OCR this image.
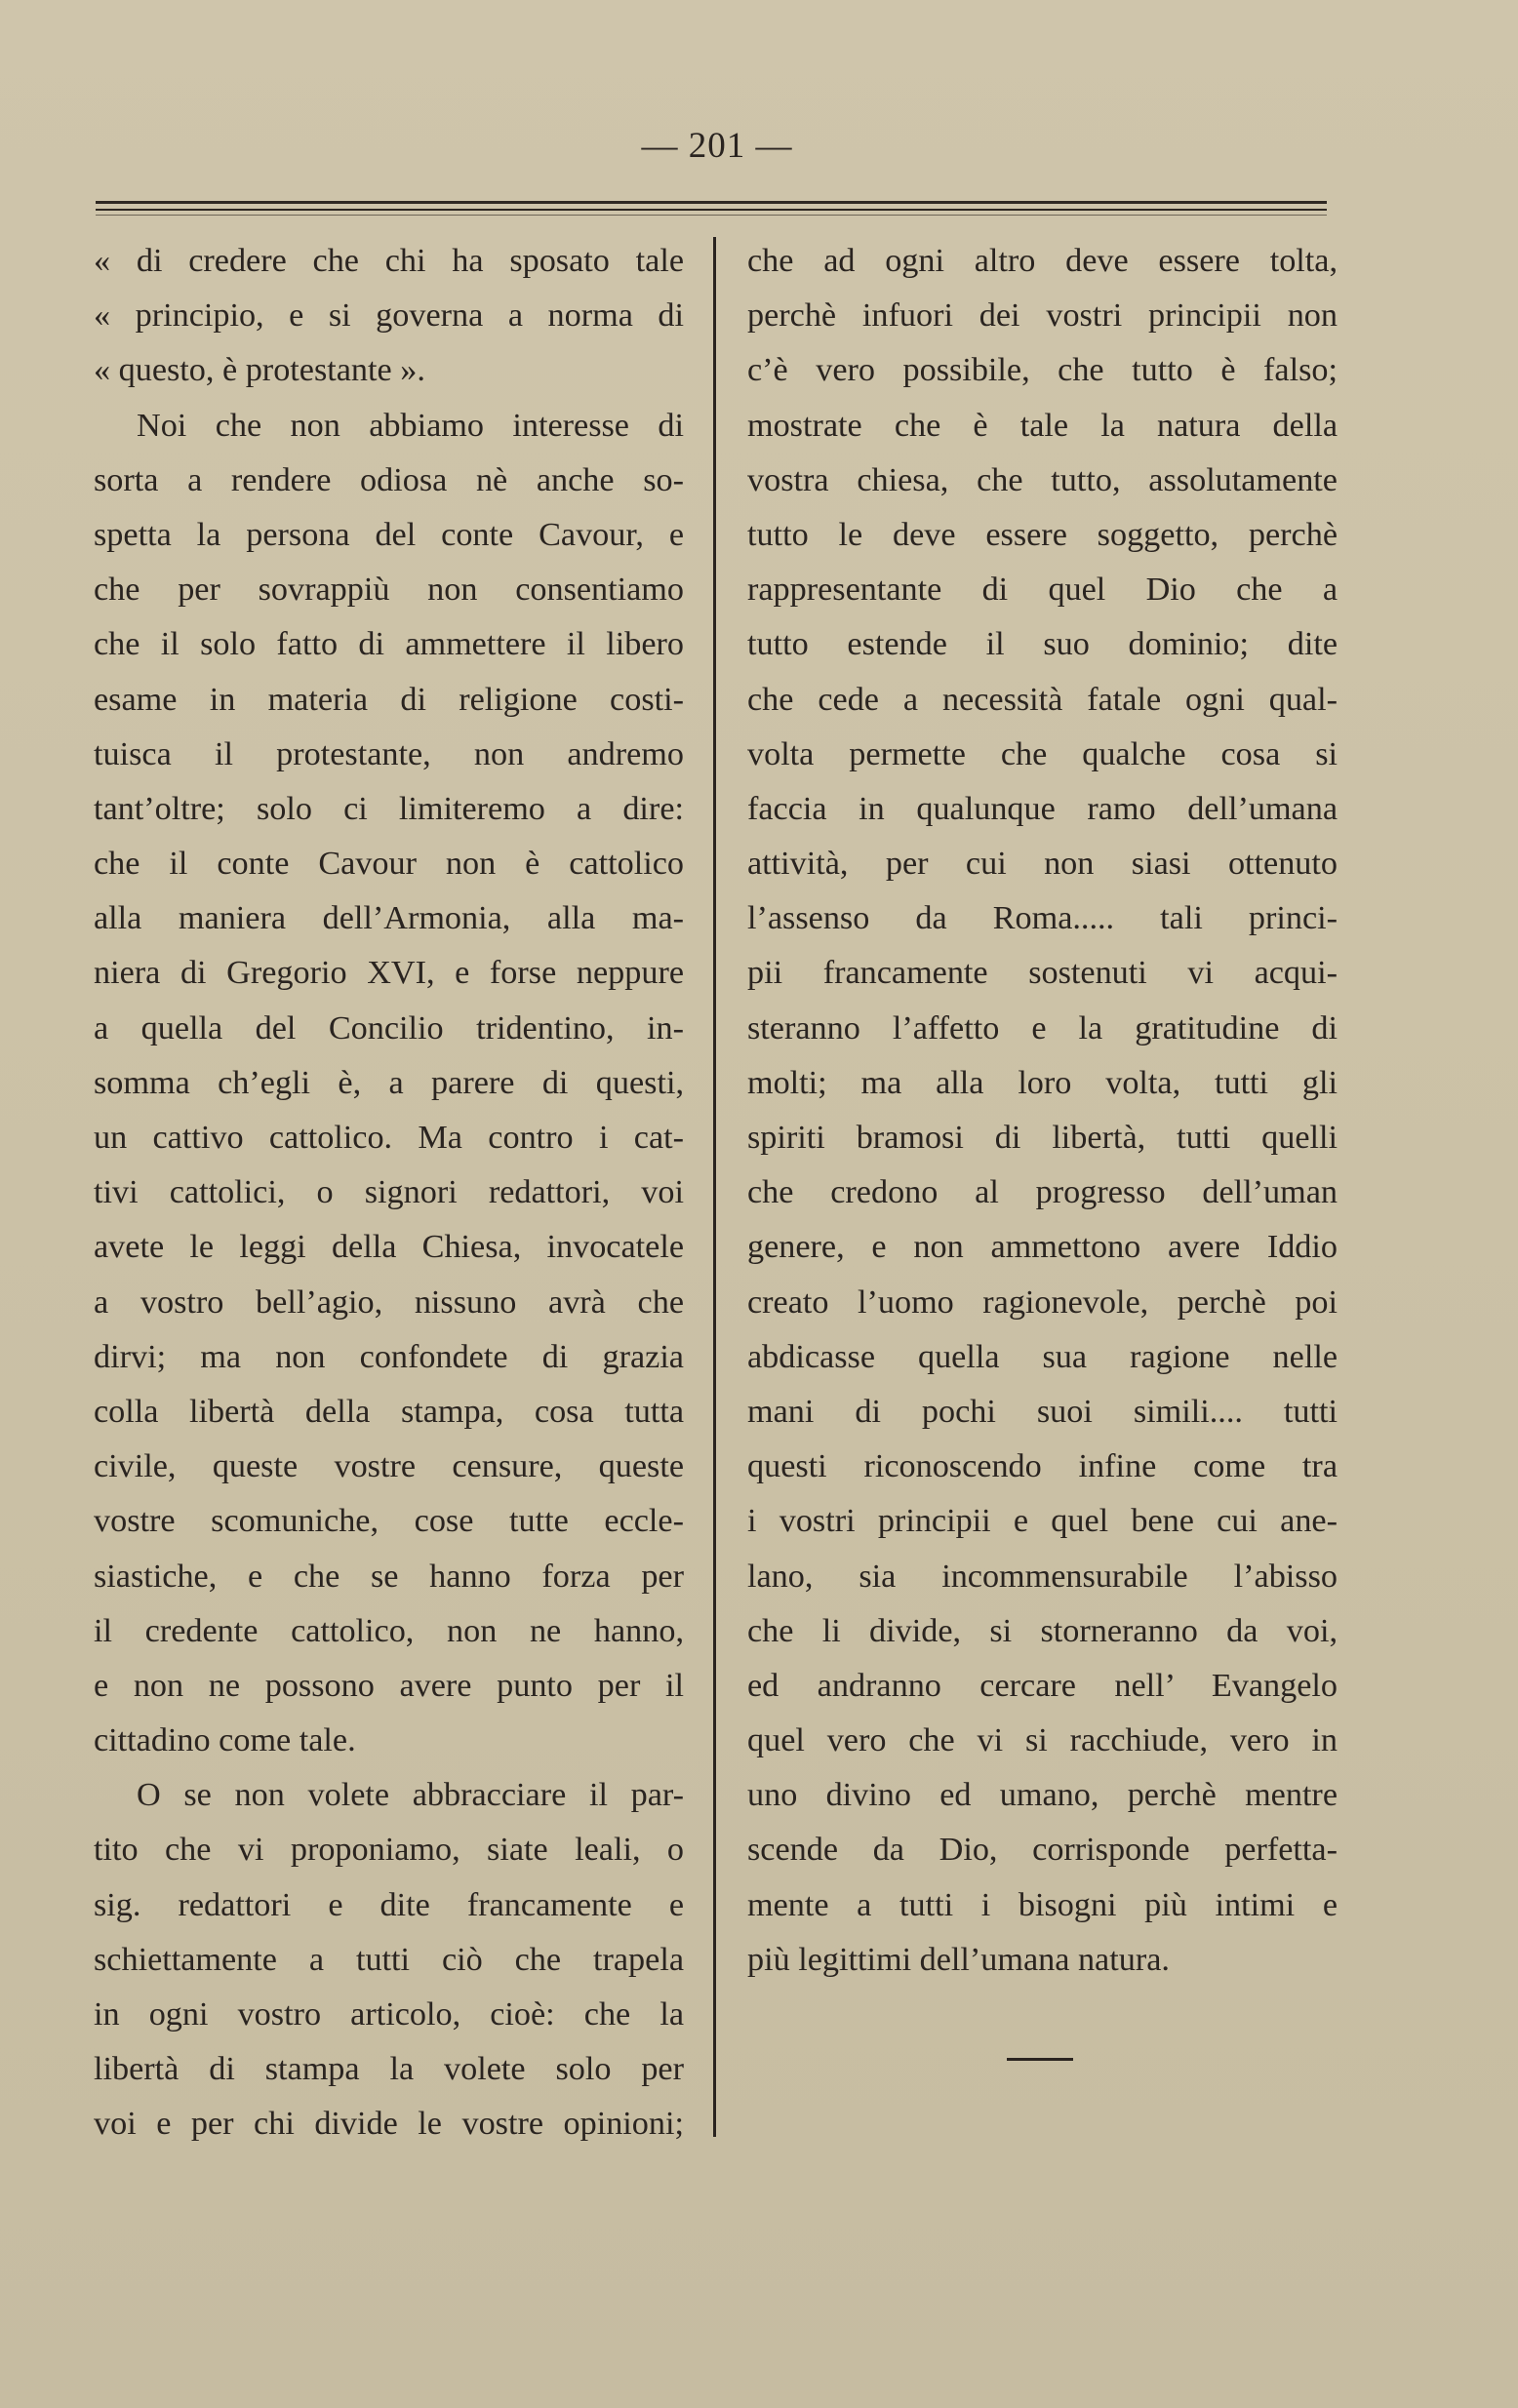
— 201 —
« di credere che chi ha sposato tale
« principio, e si governa a norma di
« questo, è protestante ».
Noi che non abbiamo interesse di
sorta a rendere odiosa nè anche so-
spetta la persona del conte Cavour, e
che per sovrappiù non consentiamo
che il solo fatto di ammettere il libero
esame in materia di religione costi-
tuisca il protestante, non andremo
tant’oltre; solo ci limiteremo a dire:
che il conte Cavour non è cattolico
alla maniera dell’Armonia, alla ma-
niera di Gregorio XVI, e forse neppure
a quella del Concilio tridentino, in-
somma ch’egli è, a parere di questi,
un cattivo cattolico. Ma contro i cat-
tivi cattolici, o signori redattori, voi
avete le leggi della Chiesa, invocatele
a vostro bell’agio, nissuno avrà che
dirvi; ma non confondete di grazia
colla libertà della stampa, cosa tutta
civile, queste vostre censure, queste
vostre scomuniche, cose tutte eccle-
siastiche, e che se hanno forza per
il credente cattolico, non ne hanno,
e non ne possono avere punto per il
cittadino come tale.
O se non volete abbracciare il par-
tito che vi proponiamo, siate leali, o
sig. redattori e dite francamente e
schiettamente a tutti ciò che trapela
in ogni vostro articolo, cioè: che la
libertà di stampa la volete solo per
voi e per chi divide le vostre opinioni;
che ad ogni altro deve essere tolta,
perchè infuori dei vostri principii non
c’è vero possibile, che tutto è falso;
mostrate che è tale la natura della
vostra chiesa, che tutto, assolutamente
tutto le deve essere soggetto, perchè
rappresentante di quel Dio che a
tutto estende il suo dominio; dite
che cede a necessità fatale ogni qual-
volta permette che qualche cosa si
faccia in qualunque ramo dell’umana
attività, per cui non siasi ottenuto
l’assenso da Roma..... tali princi-
pii francamente sostenuti vi acqui-
steranno l’affetto e la gratitudine di
molti; ma alla loro volta, tutti gli
spiriti bramosi di libertà, tutti quelli
che credono al progresso dell’uman
genere, e non ammettono avere Iddio
creato l’uomo ragionevole, perchè poi
abdicasse quella sua ragione nelle
mani di pochi suoi simili.... tutti
questi riconoscendo infine come tra
i vostri principii e quel bene cui ane-
lano, sia incommensurabile l’abisso
che li divide, si storneranno da voi,
ed andranno cercare nell’ Evangelo
quel vero che vi si racchiude, vero in
uno divino ed umano, perchè mentre
scende da Dio, corrisponde perfetta-
mente a tutti i bisogni più intimi e
più legittimi dell’umana natura.
